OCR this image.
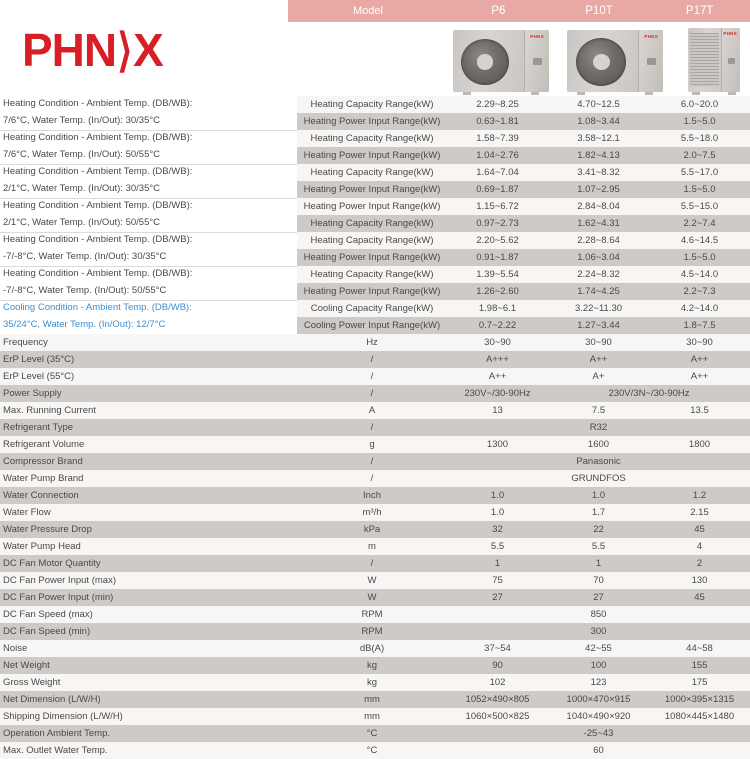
Model	P6	P10T	P17T
PHN⟩X	PHNX	PHNX
PHNX
Heating Condition - Ambient Temp. (DB/WB):	Heating Capacity Range(kW)	2.29~8.25	4.70~12.5	6.0~20.0
7/6°C, Water Temp. (In/Out): 30/35°C	Heating Power Input Range(kW)	0.63~1.81	1.08~3.44	1.5~5.0
Heating Condition - Ambient Temp. (DB/WB):	Heating Capacity Range(kW)	1.58~7.39	3.58~12.1	5.5~18.0
7/6°C, Water Temp. (In/Out): 50/55°C	Heating Power Input Range(kW)	1.04~2.76	1.82~4.13	2.0~7.5
Heating Condition - Ambient Temp. (DB/WB):	Heating Capacity Range(kW)	1.64~7.04	3.41~8.32	5.5~17.0
2/1°C, Water Temp. (In/Out): 30/35°C	Heating Power Input Range(kW)	0.69~1.87	1.07~2.95	1.5~5.0
Heating Condition - Ambient Temp. (DB/WB):	Heating Power Input Range(kW)	1.15~6.72	2.84~8.04	5.5~15.0
2/1°C, Water Temp. (In/Out): 50/55°C	Heating Capacity Range(kW)	0.97~2.73	1.62~4.31	2.2~7.4
Heating Condition - Ambient Temp. (DB/WB):	Heating Capacity Range(kW)	2.20~5.62	2.28~8.64	4.6~14.5
-7/-8°C, Water Temp. (In/Out): 30/35°C	Heating Power Input Range(kW)	0.91~1.87	1.06~3.04	1.5~5.0
Heating Condition - Ambient Temp. (DB/WB):	Heating Capacity Range(kW)	1.39~5.54	2.24~8.32	4.5~14.0
-7/-8°C, Water Temp. (In/Out): 50/55°C	Heating Power Input Range(kW)	1.26~2.60	1.74~4.25	2.2~7.3
Cooling Condition - Ambient Temp. (DB/WB):	Cooling Capacity Range(kW)	1.98~6.1	3.22~11.30	4.2~14.0
35/24°C, Water Temp. (In/Out): 12/7°C	Cooling Power Input Range(kW)	0.7~2.22	1.27~3.44	1.8~7.5
Frequency	Hz	30~90	30~90	30~90
ErP Level (35°C)	/	A+++	A++	A++
ErP Level (55°C)	/	A++	A+	A++
Power Supply	/	230V~/30-90Hz	230V/3N~/30-90Hz	
Max. Running Current	A	13	7.5	13.5
Refrigerant Type	/	R32		
Refrigerant Volume	g	1300	1600	1800
Compressor Brand	/	Panasonic		
Water Pump Brand	/	GRUNDFOS		
Water Connection	Inch	1.0	1.0	1.2
Water Flow	m³/h	1.0	1.7	2.15
Water Pressure Drop	kPa	32	22	45
Water Pump Head	m	5.5	5.5	4
DC Fan Motor Quantity	/	1	1	2
DC Fan Power Input (max)	W	75	70	130
DC Fan Power Input (min)	W	27	27	45
DC Fan Speed (max)	RPM	850		
DC Fan Speed (min)	RPM	300		
Noise	dB(A)	37~54	42~55	44~58
Net Weight	kg	90	100	155
Gross Weight	kg	102	123	175
Net Dimension (L/W/H)	mm	1052×490×805	1000×470×915	1000×395×1315
Shipping Dimension (L/W/H)	mm	1060×500×825	1040×490×920	1080×445×1480
Operation Ambient Temp.	°C	-25~43		
Max. Outlet Water Temp.	°C	60		
